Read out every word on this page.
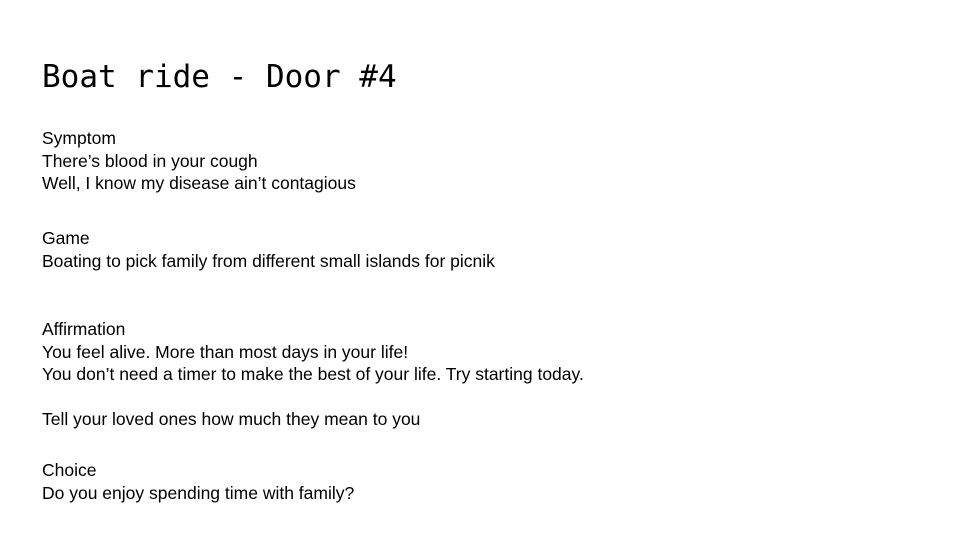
Boat ride - Door #4
Symptom
There’s blood in your cough
Well, I know my disease ain’t contagious
Game
Boating to pick family from different small islands for picnik
Affirmation
You feel alive. More than most days in your life!
You don’t need a timer to make the best of your life. Try starting today.
Tell your loved ones how much they mean to you
Choice
Do you enjoy spending time with family?
